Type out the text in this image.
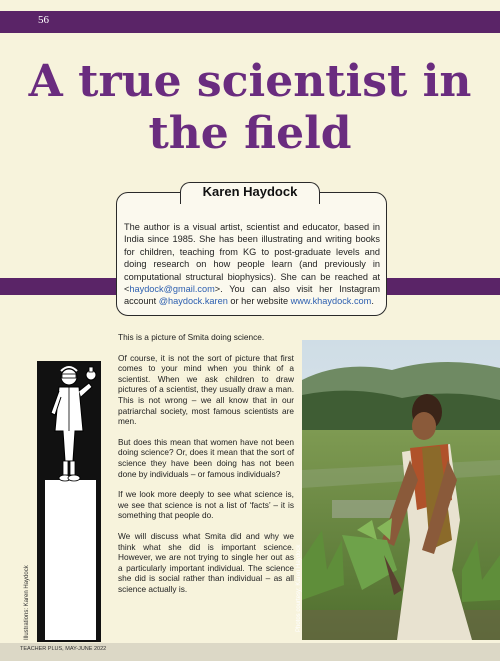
56
A true scientist in
the field
Karen Haydock

The author is a visual artist, scientist and educator, based in India since 1985. She has been illustrating and writing books for children, teaching from KG to post-graduate levels and doing research on how people learn (and previously in computational structural biophysics). She can be reached at <haydock@gmail.com>. You can also visit her Instagram account @haydock.karen or her website www.khaydock.com.

Illustrations: Karen Haydock

This is a picture of Smita doing science.

Of course, it is not the sort of picture that first comes to your mind when you think of a scientist. When we ask children to draw pictures of a scientist, they usually draw a man. This is not wrong – we all know that in our patriarchal society, most famous scientists are men.

But does this mean that women have not been doing science? Or, does it mean that the sort of science they have been doing has not been done by individuals – or famous individuals?

If we look more deeply to see what science is, we see that science is not a list of ‘facts’ – it is something that people do.

We will discuss what Smita did and why we think what she did is important science. However, we are not trying to single her out as a particularly important individual. The science she did is social rather than individual – as all science actually is.	Photos courtesy: Karen Haydock
TEACHER PLUS, MAY-JUNE 2022
